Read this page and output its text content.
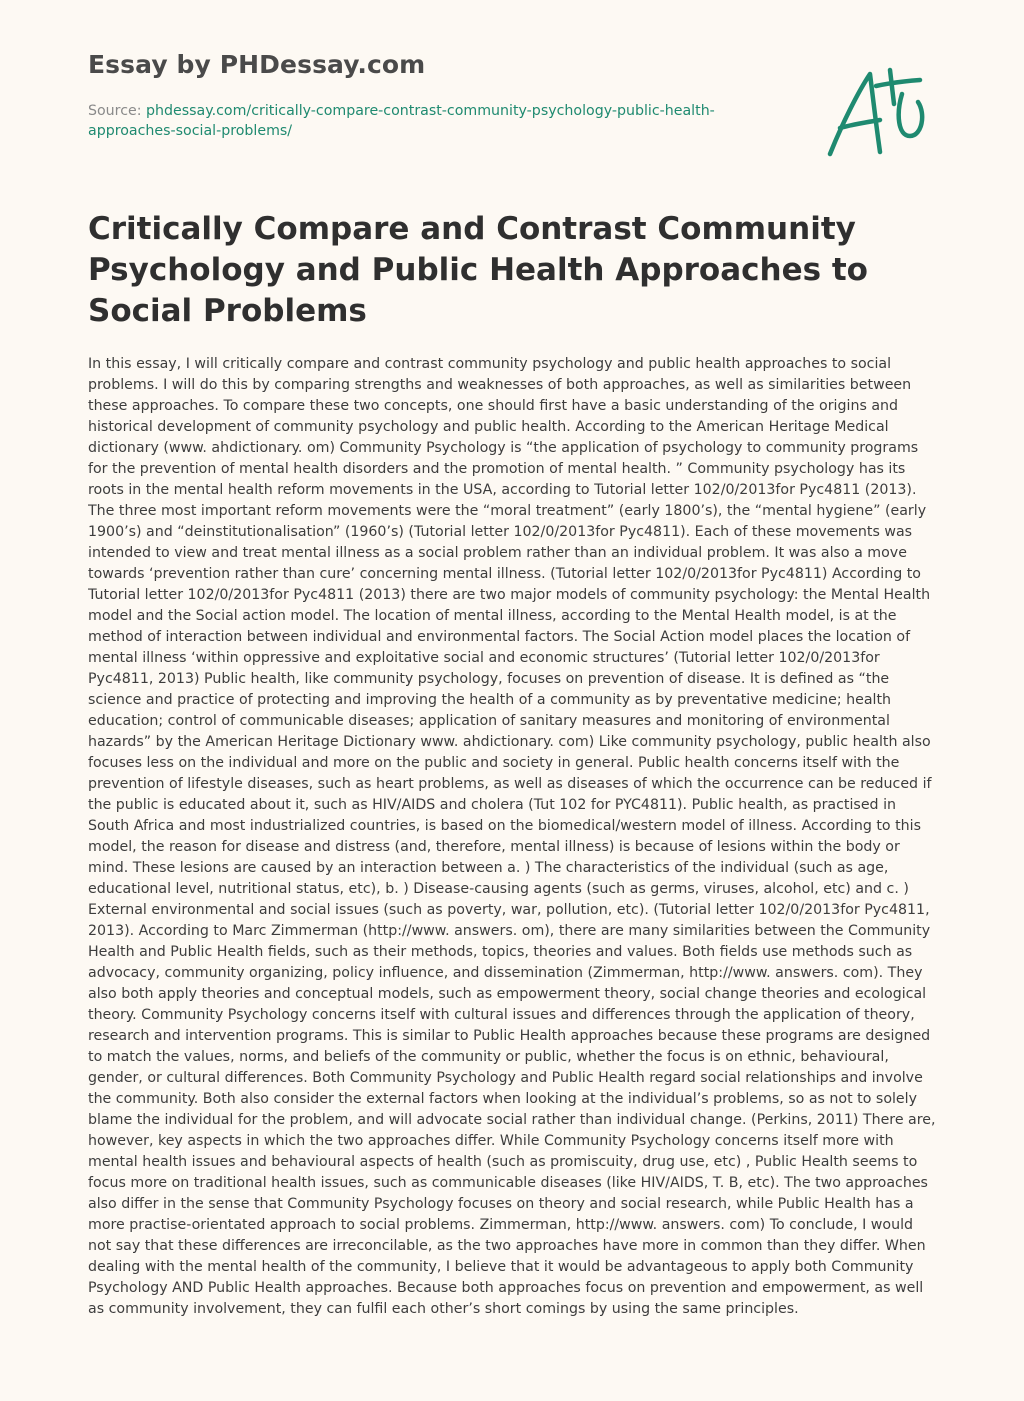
Essay by PHDessay.com
Source: phdessay.com/critically-compare-contrast-community-psychology-public-health-approaches-social-problems/
Critically Compare and Contrast Community Psychology and Public Health Approaches to Social Problems

In this essay, I will critically compare and contrast community psychology and public health approaches to social problems. I will do this by comparing strengths and weaknesses of both approaches, as well as similarities between these approaches. To compare these two concepts, one should first have a basic understanding of the origins and historical development of community psychology and public health. According to the American Heritage Medical dictionary (www. ahdictionary. om) Community Psychology is “the application of psychology to community programs for the prevention of mental health disorders and the promotion of mental health. ” Community psychology has its roots in the mental health reform movements in the USA, according to Tutorial letter 102/0/2013for Pyc4811 (2013). The three most important reform movements were the “moral treatment” (early 1800’s), the “mental hygiene” (early 1900’s) and “deinstitutionalisation” (1960’s) (Tutorial letter 102/0/2013for Pyc4811). Each of these movements was intended to view and treat mental illness as a social problem rather than an individual problem. It was also a move towards ‘prevention rather than cure’ concerning mental illness. (Tutorial letter 102/0/2013for Pyc4811) According to Tutorial letter 102/0/2013for Pyc4811 (2013) there are two major models of community psychology: the Mental Health model and the Social action model. The location of mental illness, according to the Mental Health model, is at the method of interaction between individual and environmental factors. The Social Action model places the location of mental illness ‘within oppressive and exploitative social and economic structures’ (Tutorial letter 102/0/2013for Pyc4811, 2013) Public health, like community psychology, focuses on prevention of disease. It is defined as “the science and practice of protecting and improving the health of a community as by preventative medicine; health education; control of communicable diseases; application of sanitary measures and monitoring of environmental hazards” by the American Heritage Dictionary www. ahdictionary. com) Like community psychology, public health also focuses less on the individual and more on the public and society in general. Public health concerns itself with the prevention of lifestyle diseases, such as heart problems, as well as diseases of which the occurrence can be reduced if the public is educated about it, such as HIV/AIDS and cholera (Tut 102 for PYC4811). Public health, as practised in South Africa and most industrialized countries, is based on the biomedical/western model of illness. According to this model, the reason for disease and distress (and, therefore, mental illness) is because of lesions within the body or mind. These lesions are caused by an interaction between a. ) The characteristics of the individual (such as age, educational level, nutritional status, etc), b. ) Disease-causing agents (such as germs, viruses, alcohol, etc) and c. ) External environmental and social issues (such as poverty, war, pollution, etc). (Tutorial letter 102/0/2013for Pyc4811, 2013). According to Marc Zimmerman (http://www. answers. om), there are many similarities between the Community Health and Public Health fields, such as their methods, topics, theories and values. Both fields use methods such as advocacy, community organizing, policy influence, and dissemination (Zimmerman, http://www. answers. com). They also both apply theories and conceptual models, such as empowerment theory, social change theories and ecological theory. Community Psychology concerns itself with cultural issues and differences through the application of theory, research and intervention programs. This is similar to Public Health approaches because these programs are designed to match the values, norms, and beliefs of the community or public, whether the focus is on ethnic, behavioural, gender, or cultural differences. Both Community Psychology and Public Health regard social relationships and involve the community. Both also consider the external factors when looking at the individual’s problems, so as not to solely blame the individual for the problem, and will advocate social rather than individual change. (Perkins, 2011) There are, however, key aspects in which the two approaches differ. While Community Psychology concerns itself more with mental health issues and behavioural aspects of health (such as promiscuity, drug use, etc) , Public Health seems to focus more on traditional health issues, such as communicable diseases (like HIV/AIDS, T. B, etc). The two approaches also differ in the sense that Community Psychology focuses on theory and social research, while Public Health has a more practise-orientated approach to social problems. Zimmerman, http://www. answers. com) To conclude, I would not say that these differences are irreconcilable, as the two approaches have more in common than they differ. When dealing with the mental health of the community, I believe that it would be advantageous to apply both Community Psychology AND Public Health approaches. Because both approaches focus on prevention and empowerment, as well as community involvement, they can fulfil each other’s short comings by using the same principles.
